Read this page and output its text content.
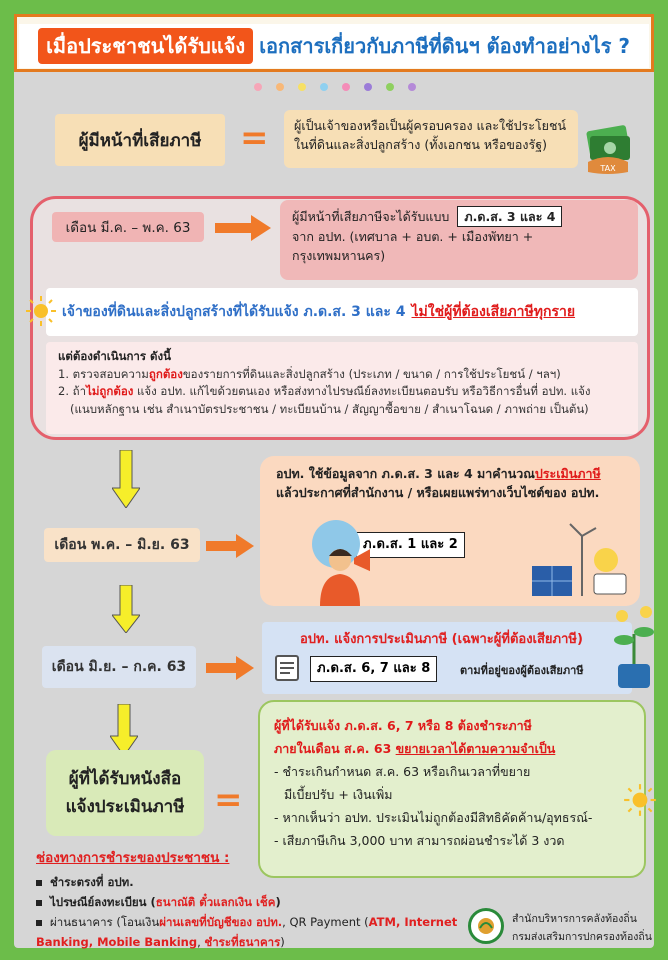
เมื่อประชาชนได้รับแจ้ง เอกสารเกี่ยวกับภาษีที่ดินฯ ต้องทำอย่างไร ?
ผู้มีหน้าที่เสียภาษี = ผู้เป็นเจ้าของหรือเป็นผู้ครอบครอง และใช้ประโยชน์
ในที่ดินและสิ่งปลูกสร้าง (ทั้งเอกชน หรือของรัฐ)
TAX
เดือน มี.ค. – พ.ค. 63
ผู้มีหน้าที่เสียภาษีจะได้รับแบบ ภ.ด.ส. 3 และ 4
จาก อปท. (เทศบาล + อบต. + เมืองพัทยา +
กรุงเทพมหานคร)
เจ้าของที่ดินและสิ่งปลูกสร้างที่ได้รับแจ้ง ภ.ด.ส. 3 และ 4 ไม่ใช่ผู้ที่ต้องเสียภาษีทุกราย
แต่ต้องดำเนินการ ดังนี้
1. ตรวจสอบความถูกต้องของรายการที่ดินและสิ่งปลูกสร้าง (ประเภท / ขนาด / การใช้ประโยชน์ / ฯลฯ)
2. ถ้าไม่ถูกต้อง แจ้ง อปท. แก้ไขด้วยตนเอง หรือส่งทางไปรษณีย์ลงทะเบียนตอบรับ หรือวิธีการอื่นที่ อปท. แจ้ง
(แนบหลักฐาน เช่น สำเนาบัตรประชาชน / ทะเบียนบ้าน / สัญญาซื้อขาย / สำเนาโฉนด / ภาพถ่าย เป็นต้น)
อปท. ใช้ข้อมูลจาก ภ.ด.ส. 3 และ 4 มาคำนวณประเมินภาษี
แล้วประกาศที่สำนักงาน / หรือเผยแพร่ทางเว็บไซต์ของ อปท.
ภ.ด.ส. 1 และ 2
เดือน พ.ค. – มิ.ย. 63
เดือน มิ.ย. – ก.ค. 63
อปท. แจ้งการประเมินภาษี (เฉพาะผู้ที่ต้องเสียภาษี)
ภ.ด.ส. 6, 7 และ 8	ตามที่อยู่ของผู้ต้องเสียภาษี
ผู้ที่ได้รับหนังสือ
แจ้งประเมินภาษี =
ผู้ที่ได้รับแจ้ง ภ.ด.ส. 6, 7 หรือ 8 ต้องชำระภาษี
ภายในเดือน ส.ค. 63 ขยายเวลาได้ตามความจำเป็น
- ชำระเกินกำหนด ส.ค. 63 หรือเกินเวลาที่ขยาย
มีเบี้ยปรับ + เงินเพิ่ม
- หากเห็นว่า อปท. ประเมินไม่ถูกต้องมีสิทธิคัดค้าน/อุทธรณ์-
- เสียภาษีเกิน 3,000 บาท สามารถผ่อนชำระได้ 3 งวด
ช่องทางการชำระของประชาชน :
ชำระตรงที่ อปท.
ไปรษณีย์ลงทะเบียน (ธนาณัติ ตั๋วแลกเงิน เช็ค)
ผ่านธนาคาร (โอนเงินผ่านเลขที่บัญชีของ อปท., QR Payment (ATM, Internet
Banking, Mobile Banking, ชำระที่ธนาคาร)
สำนักบริหารการคลังท้องถิ่น
กรมส่งเสริมการปกครองท้องถิ่น
